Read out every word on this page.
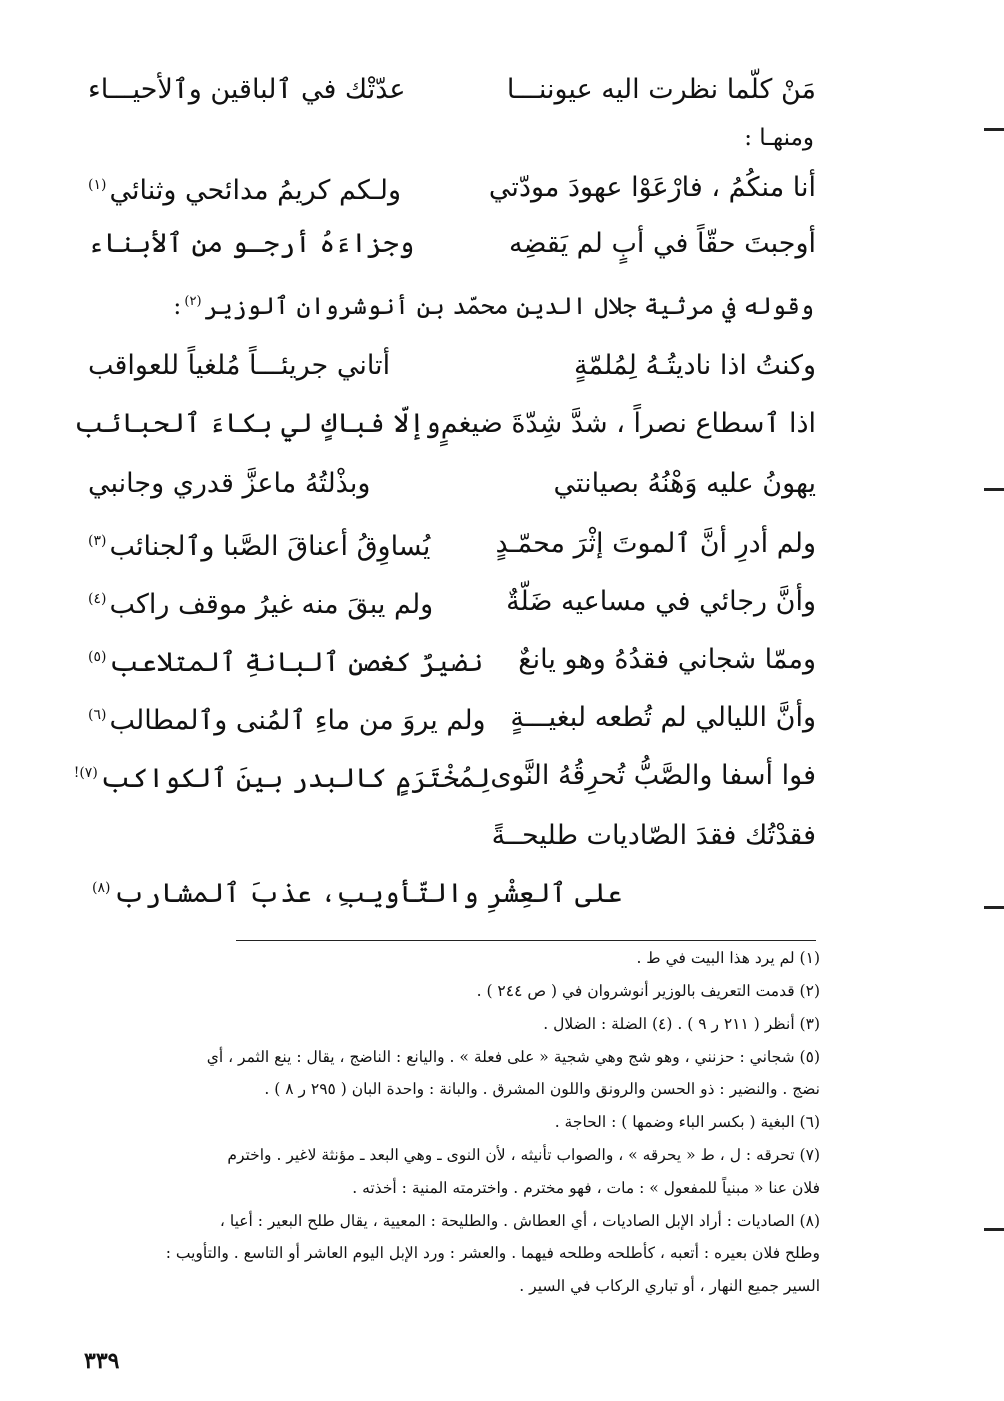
مَنْ كلّما نظرت اليه عيوننـــا
عدّتْك في ٱلباقين وٱلأحيـــاء
ومنهـا :
أنا منكُمُ ، فارْعَوْا عهودَ مودّتي
ولـكم كريمُ مدائحي وثنائي$^{(١)}$
أوجبتَ حقّاً في أبٍ لم يَقضِه
وجزاءَهُ أرجـو من ٱلأبناء
وقوله في مرثية جلال الدين محمّد بن أنوشروان ٱلوزير$^{(٢)}$:
وكنتُ اذا ناديتُـهُ لِمُلمّةٍ
أتاني جريئـــاً مُلغياً للعواقب
اذا ٱسطاع نصراً ، شدَّ شِدّةَ ضيغمٍ
وإلّا فباكٍ لي بكاءَ ٱلحبائب
يهونُ عليه وَهْنُهُ بصيانتي
وبذْلتُهُ ماعزَّ قدري وجانبي
ولم أدرِ أنَّ ٱلموتَ إثْرَ محمّـدٍ
يُساوِقُ أعناقَ الصَّبا وٱلجنائب$^{(٣)}$
وأنَّ رجائي في مساعيه ضَلّةٌ
ولم يبقَ منه غيرُ موقف راكب$^{(٤)}$
وممّا شجاني فقدُهُ وهو يانعٌ
نضيرٌ كغصن ٱلبانةِ ٱلمتلاعب$^{(٥)}$
وأنَّ الليالي لم تُطعه لبغيـــةٍ
ولم يروَ من ماءِ ٱلمُنى وٱلمطالب$^{(٦)}$
فوا أسفا والصَّبُّ تُحرِقُهُ النَّوى
لِمُخْتَرَمٍ كالبدر بينَ ٱلكواكب$^{(٧)!}$
فقدْتُك فقدَ الصّاديات طليحــةً
على ٱلعِشْرِ والتّأويبِ، عذبَ ٱلمشارب$^{(٨)}$
(١) لم يرد هذا البيت في ط .
(٢) قدمت التعريف بالوزير أنوشروان في ( ص ٢٤٤ ) .
(٣) أنظر ( ٢١١ ر ٩ ) . (٤) الضلة : الضلال .
(٥) شجاني : حزنني ، وهو شج وهي شجية « على فعلة » . واليانع : الناضج ، يقال : ينع الثمر ، أي
نضج . والنضير : ذو الحسن والرونق واللون المشرق . والبانة : واحدة البان ( ٢٩٥ ر ٨ ) .
(٦) البغية ( بكسر الباء وضمها ) : الحاجة .
(٧) تحرقه : ل ، ط « يحرقه » ، والصواب تأنيثه ، لأن النوى ـ وهي البعد ـ مؤنثة لاغير . واخترم
فلان عنا « مبنياً للمفعول » : مات ، فهو مخترم . واخترمته المنية : أخذته .
(٨) الصاديات : أراد الإبل الصاديات ، أي العطاش . والطليحة : المعيية ، يقال طلح البعير : أعيا ،
وطلح فلان بعيره : أتعبه ، كأطلحه وطلحه فيهما . والعشر : ورد الإبل اليوم العاشر أو التاسع . والتأويب :
السير جميع النهار ، أو تباري الركاب في السير .
٣٣٩
